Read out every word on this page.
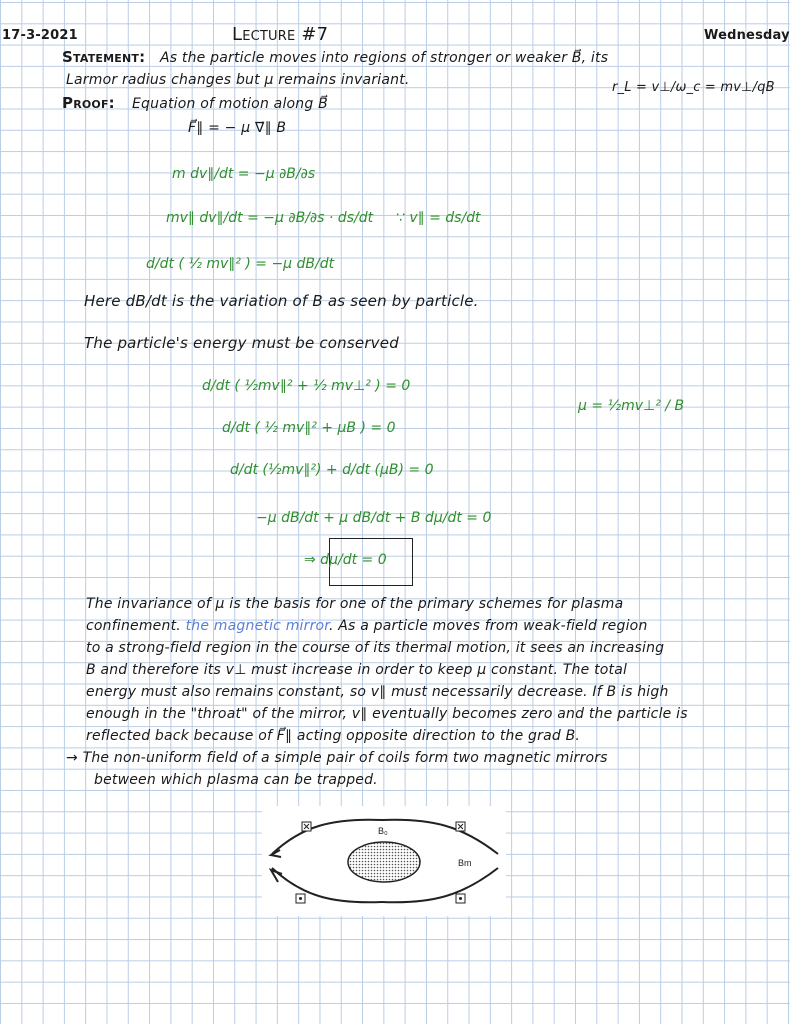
17-3-2021	Lecture #7	Wednesday
Statement: As the particle moves into regions of stronger or weaker B⃗, its
Larmor radius changes but μ remains invariant.	r_L = v⊥/ω_c = mv⊥/qB
Proof: Equation of motion along B⃗
F⃗∥ = − μ ∇⃗∥ B
m dv∥/dt = −μ ∂B/∂s
mv∥ dv∥/dt = −μ ∂B/∂s · ds/dt ∵ v∥ = ds/dt
d/dt ( ½ mv∥² ) = −μ dB/dt
Here dB/dt is the variation of B as seen by particle.
The particle's energy must be conserved
d/dt ( ½mv∥² + ½ mv⊥² ) = 0
d/dt ( ½ mv∥² + μB ) = 0
d/dt (½mv∥²) + d/dt (μB) = 0
−μ dB/dt + μ dB/dt + B dμ/dt = 0
μ = ½mv⊥² / B
⇒ dμ/dt = 0
The invariance of μ is the basis for one of the primary schemes for plasma
confinement. the magnetic mirror. As a particle moves from weak-field region
to a strong-field region in the course of its thermal motion, it sees an increasing
B and therefore its v⊥ must increase in order to keep μ constant. The total
energy must also remains constant, so v∥ must necessarily decrease. If B is high
enough in the "throat" of the mirror, v∥ eventually becomes zero and the particle is
reflected back because of F⃗∥ acting opposite direction to the grad B.
→ The non-uniform field of a simple pair of coils form two magnetic mirrors
between which plasma can be trapped.
B₀
Bm
